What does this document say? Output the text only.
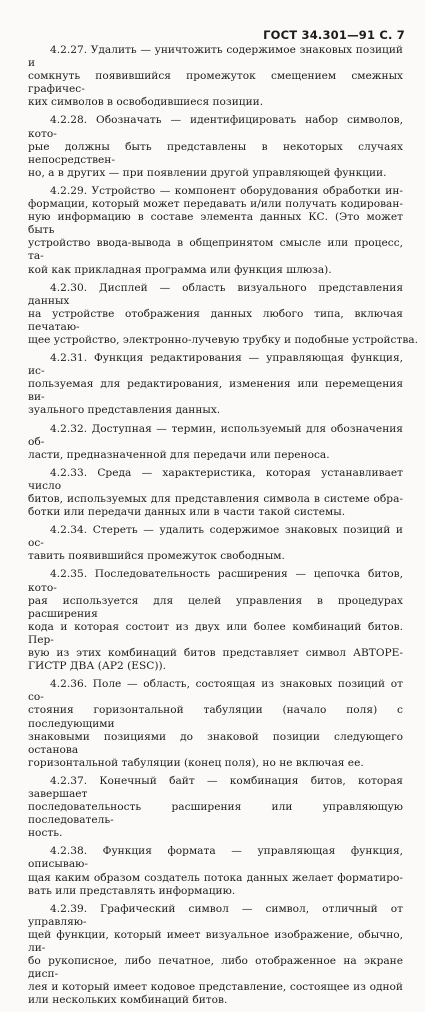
ГОСТ 34.301—91 С. 7
4.2.27. Удалить — уничтожить содержимое знаковых позиций и
сомкнуть появившийся промежуток смещением смежных графичес-
ких символов в освободившиеся позиции.
4.2.28. Обозначать — идентифицировать набор символов, кото-
рые должны быть представлены в некоторых случаях непосредствен-
но, а в других — при появлении другой управляющей функции.
4.2.29. Устройство — компонент оборудования обработки ин-
формации, который может передавать и/или получать кодирован-
ную информацию в составе элемента данных КС. (Это может быть
устройство ввода-вывода в общепринятом смысле или процесс, та-
кой как прикладная программа или функция шлюза).
4.2.30. Дисплей — область визуального представления данных
на устройстве отображения данных любого типа, включая печатаю-
щее устройство, электронно-лучевую трубку и подобные устройства.
4.2.31. Функция редактирования — управляющая функция, ис-
пользуемая для редактирования, изменения или перемещения ви-
зуального представления данных.
4.2.32. Доступная — термин, используемый для обозначения об-
ласти, предназначенной для передачи или переноса.
4.2.33. Среда — характеристика, которая устанавливает число
битов, используемых для представления символа в системе обра-
ботки или передачи данных или в части такой системы.
4.2.34. Стереть — удалить содержимое знаковых позиций и ос-
тавить появившийся промежуток свободным.
4.2.35. Последовательность расширения — цепочка битов, кото-
рая используется для целей управления в процедурах расширения
кода и которая состоит из двух или более комбинаций битов. Пер-
вую из этих комбинаций битов представляет символ АВТОРЕ-
ГИСТР ДВА (АР2 (ESC)).
4.2.36. Поле — область, состоящая из знаковых позиций от со-
стояния горизонтальной табуляции (начало поля) с последующими
знаковыми позициями до знаковой позиции следующего останова
горизонтальной табуляции (конец поля), но не включая ее.
4.2.37. Конечный байт — комбинация битов, которая завершает
последовательность расширения или управляющую последователь-
ность.
4.2.38. Функция формата — управляющая функция, описываю-
щая каким образом создатель потока данных желает форматиро-
вать или представлять информацию.
4.2.39. Графический символ — символ, отличный от управляю-
щей функции, который имеет визуальное изображение, обычно, ли-
бо рукописное, либо печатное, либо отображенное на экране дисп-
лея и который имеет кодовое представление, состоящее из одной
или нескольких комбинаций битов.
